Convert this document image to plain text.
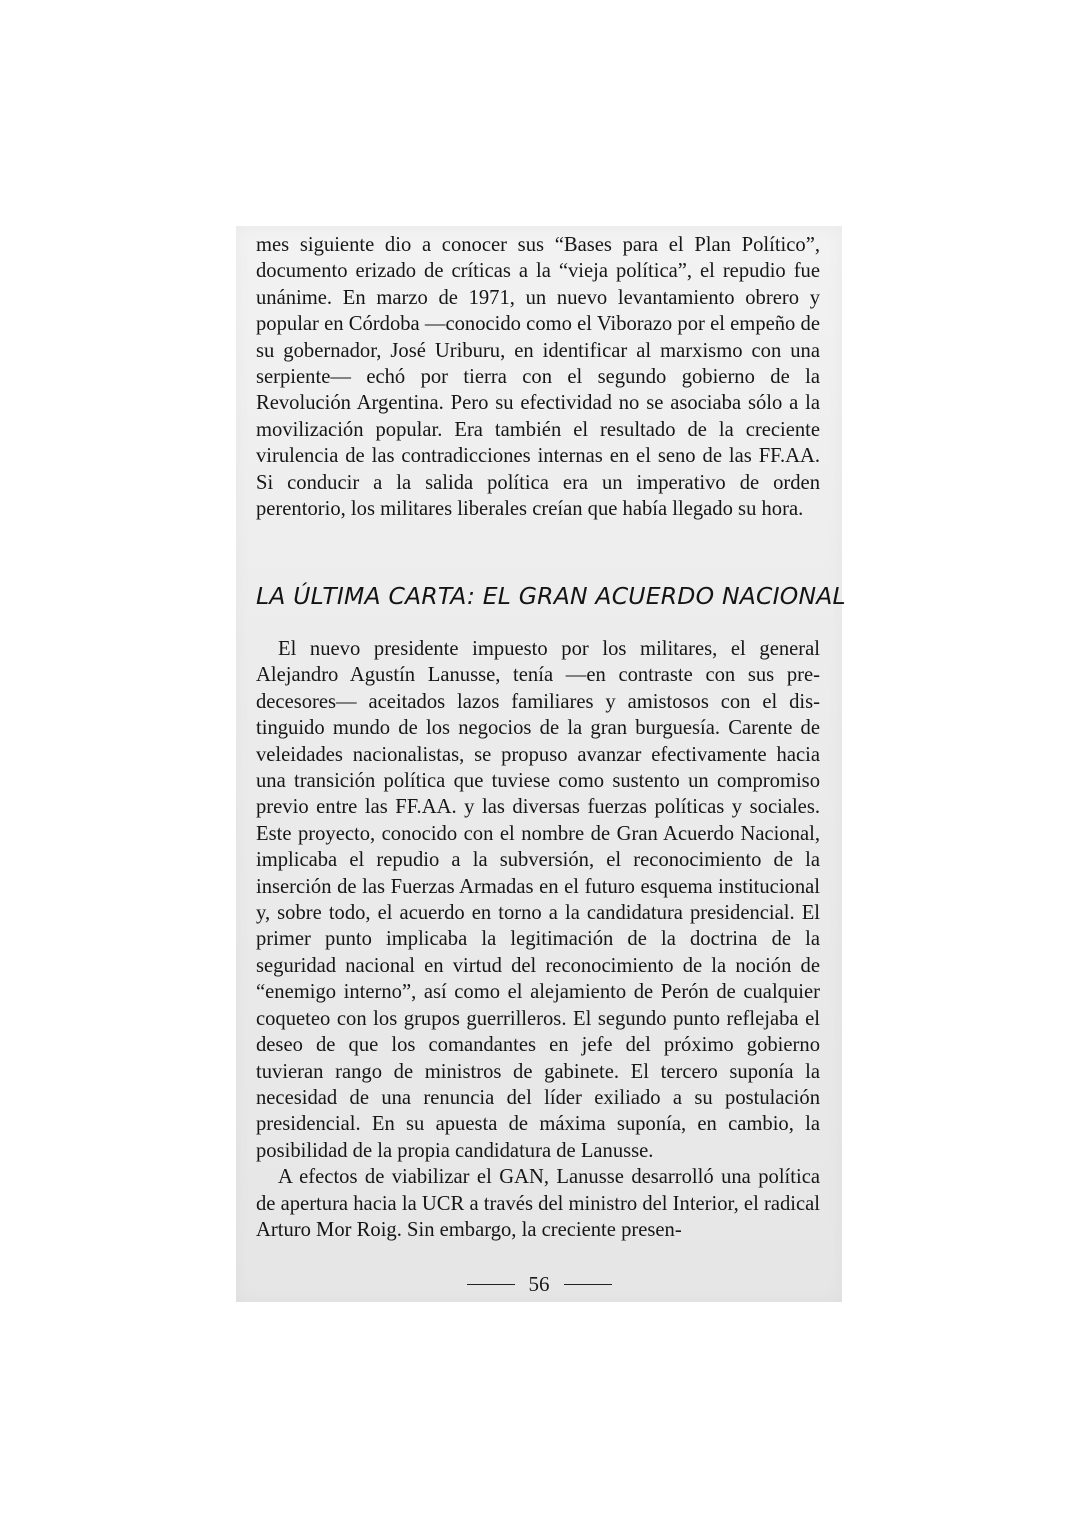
mes siguiente dio a conocer sus “Bases para el Plan Político”, documento erizado de críticas a la “vieja política”, el repudio fue unánime. En marzo de 1971, un nuevo levantamiento obrero y popular en Córdoba —conocido como el Viborazo por el empeño de su gobernador, José Uriburu, en identificar al marxismo con una serpiente— echó por tierra con el segundo gobierno de la Revolución Argentina. Pero su efectividad no se asociaba sólo a la movilización popular. Era también el resultado de la creciente virulencia de las contradicciones internas en el seno de las FF.AA. Si conducir a la salida política era un imperativo de orden perentorio, los militares liberales creían que había llegado su hora.

LA ÚLTIMA CARTA: EL GRAN ACUERDO NACIONAL

El nuevo presidente impuesto por los militares, el general Alejandro Agustín Lanusse, tenía —en contraste con sus predecesores— aceitados lazos familiares y amistosos con el distinguido mundo de los negocios de la gran burguesía. Carente de veleidades nacionalistas, se propuso avanzar efectivamente hacia una transición política que tuviese como sustento un compromiso previo entre las FF.AA. y las diversas fuerzas políticas y sociales. Este proyecto, conocido con el nombre de Gran Acuerdo Nacional, implicaba el repudio a la subversión, el reconocimiento de la inserción de las Fuerzas Armadas en el futuro esquema institucional y, sobre todo, el acuerdo en torno a la candidatura presidencial. El primer punto implicaba la legitimación de la doctrina de la seguridad nacional en virtud del reconocimiento de la noción de “enemigo interno”, así como el alejamiento de Perón de cualquier coqueteo con los grupos guerrilleros. El segundo punto reflejaba el deseo de que los comandantes en jefe del próximo gobierno tuvieran rango de ministros de gabinete. El tercero suponía la necesidad de una renuncia del líder exiliado a su postulación presidencial. En su apuesta de máxima suponía, en cambio, la posibilidad de la propia candidatura de Lanusse.

A efectos de viabilizar el GAN, Lanusse desarrolló una política de apertura hacia la UCR a través del ministro del Interior, el radical Arturo Mor Roig. Sin embargo, la creciente presen-

56
